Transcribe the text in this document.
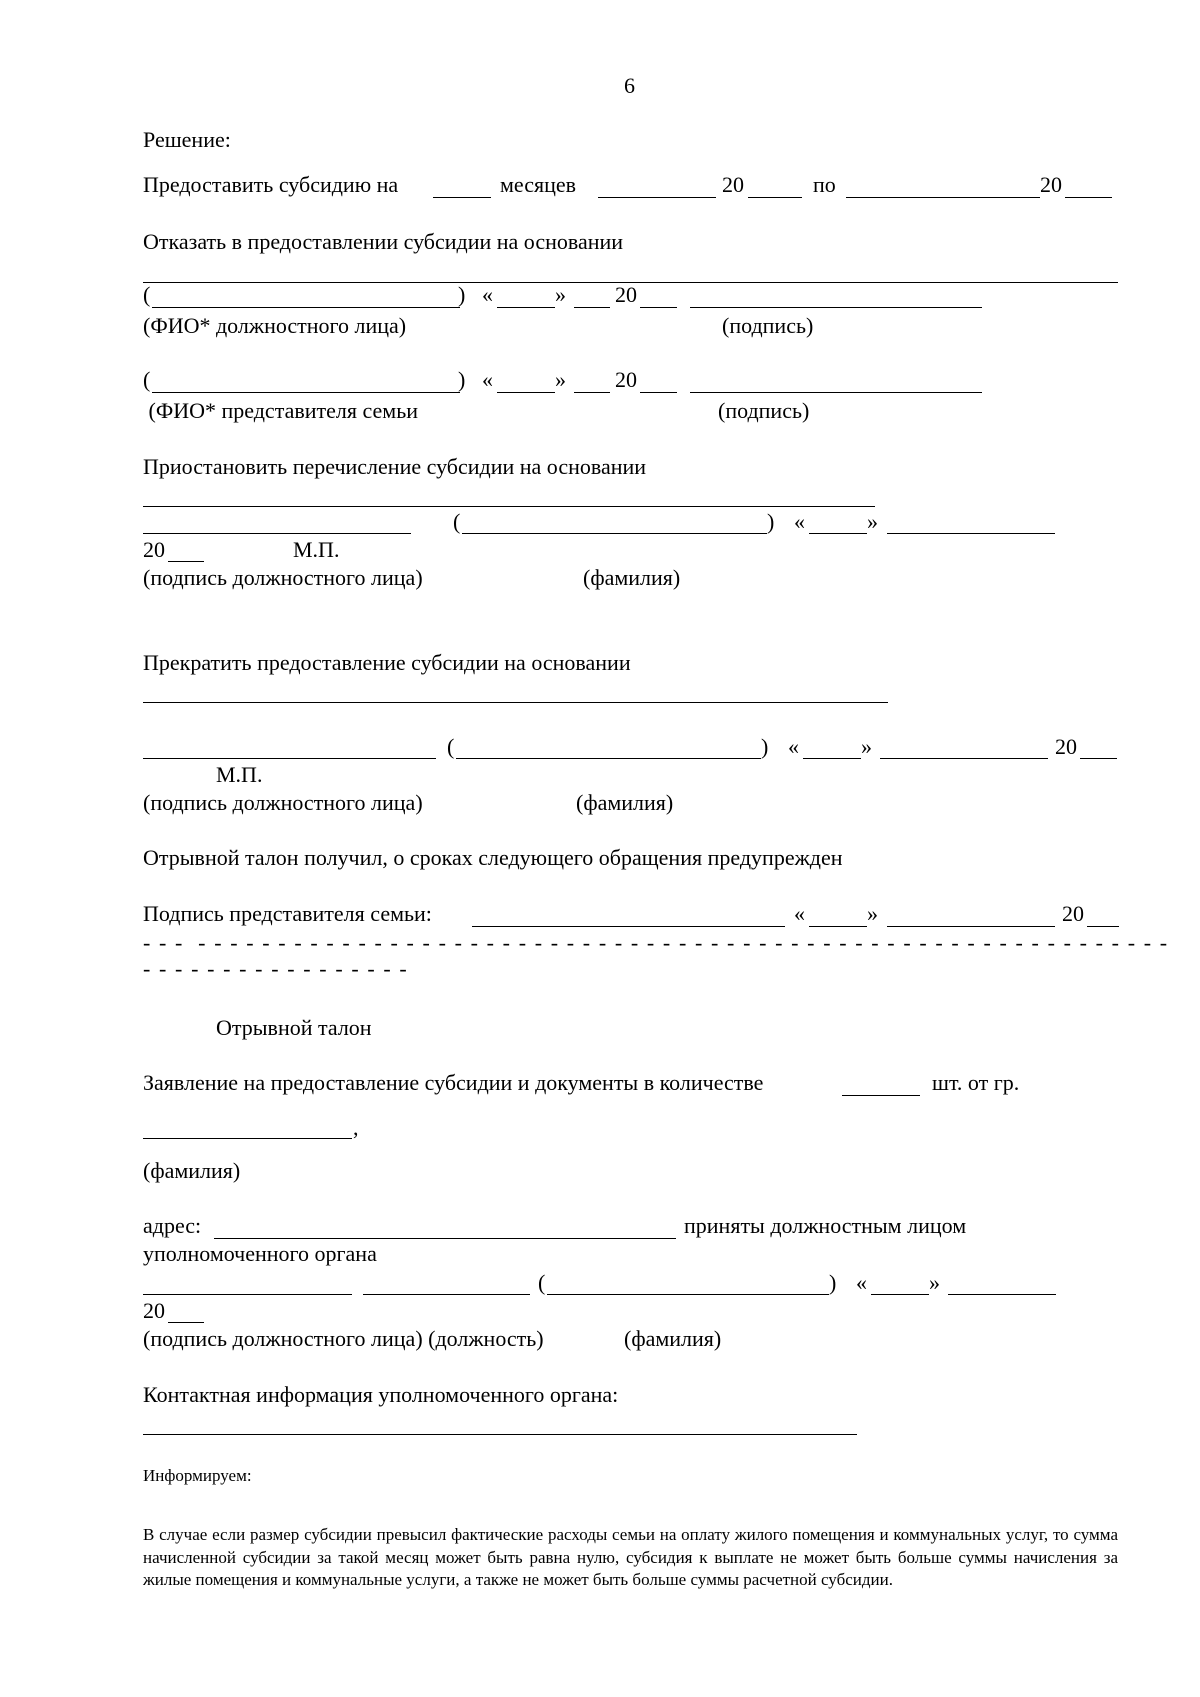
6
Решение:
Предоставить субсидию на	месяцев	20	по	20
Отказать в предоставлении субсидии на основании
(	) «	» 20
(ФИО* должностного лица)	(подпись)
(	) «	» 20
(ФИО* представителя семьи	(подпись)
Приостановить перечисление субсидии на основании
(	) «	»
20	М.П.
(подпись должностного лица)	(фамилия)
Прекратить предоставление субсидии на основании
(	) «	»	20
М.П.
(подпись должностного лица)	(фамилия)
Отрывной талон получил, о сроках следующего обращения предупрежден
Подпись представителя семьи:	«	»	20
- - -  - - - - - - - - - - - - - - - - - - - - - - - - - - - - - - - - - - - - - - - - - - - - - - - - - - - - - - - - - - - - -
- - - - - - - - - - - - - - - - -
Отрывной талон
Заявление на предоставление субсидии и документы в количестве	шт. от гр.
,
(фамилия)
адрес:	приняты должностным лицом
уполномоченного органа
(	) «	»
20
(подпись должностного лица) (должность)	(фамилия)
Контактная информация уполномоченного органа:
Информируем:

В случае если размер субсидии превысил фактические расходы семьи на оплату жилого помещения и коммунальных услуг, то сумма начисленной субсидии за такой месяц может быть равна нулю, субсидия к выплате не может быть больше суммы начисления за жилые помещения и коммунальные услуги, а также не может быть больше суммы расчетной субсидии.
